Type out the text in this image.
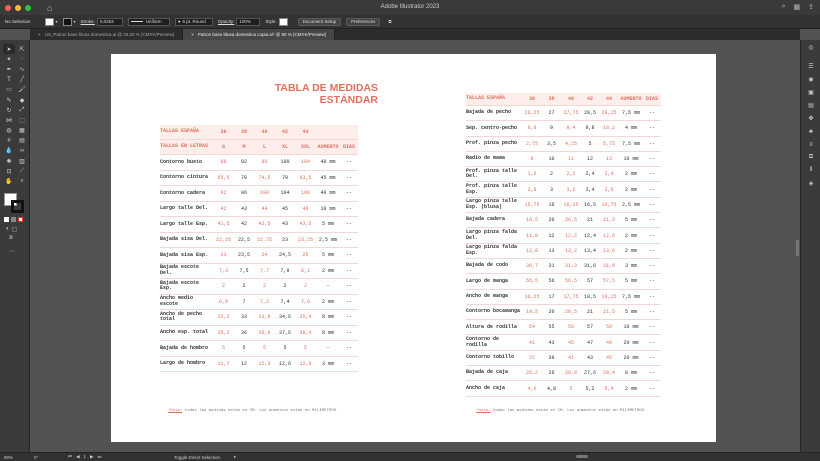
⌂	Adobe Illustrator 2023	⌕ ▦ ⇪
No Selection	▾	▾ Stroke: 0,0353	Uniform	● 5 pt. Round	Opacity: 100%	Style:	Document Setup	Preferences	⧉
× US_Patron base blusa domestica.ai @ 33,33 % (CMYK/Preview)	× Patron base blusa domestica copia.ai* @ 90 % (CMYK/Preview)
➤	⇱
✦	◌
✒	∿
T	╱
▭	🖌
✎	◆
↻	⤢
⋈	⬚
◍	▦
#	▤
💧	∞
✺	▥
⊡	⟋
✋	⌕
◑ ▢
⧈
⋯
◎
☰
◉
▣
▤
✤
♣
≡
⧉
⫴
◈
TABLA DE MEDIDAS
ESTÁNDAR
TALLAS ESPAÑA	36	38	40	42	44
TALLAS EN LETRAS	S	M	L	XL	XXL	AUMENTO DIAS
Contorno busto	88	92	96	100	104	40 mm	--
Contorno cintura	65,5	70	74,5	79	83,5	45 mm	--
Contorno cadera	92	96	100	104	108	40 mm	--
Largo talle Del.	42	43	44	45	46	10 mm	--
Largo talle Esp.	41,5	42	42,5	43	43,5	5 mm	--
Bajada sisa Del.	22,25	22,5	22,75	23	23,25	2,5 mm	--
Bajada sisa Esp.	23	23,5	24	24,5	25	5 mm	--
Bajada escote Del.	7,3	7,5	7,7	7,9	8,1	2 mm	--
Bajada escote Esp.	2	2	2	2	2	-	--
Ancho medio escote	6,8	7	7,2	7,4	7,6	2 mm	--
Ancho de pecho total	32,2	33	33,8	34,6	35,4	8 mm	--
Ancho esp. total	35,2	36	36,8	37,6	38,4	8 mm	--
Bajada de hombro	5	5	5	5	5	-	--
Largo de hombro	11,7	12	12,3	12,6	12,9	3 mm	--
TALLAS ESPAÑA	36	38	40	42	44	AUMENTO DIAS
Bajada de pecho	26,25	27	27,75	28,5	29,25	7,5 mm	--
Sep. centro-pecho	8,6	9	9,4	9,8	10,2	4 mm	--
Prof. pinza pecho	2,75	3,5	4,25	5	5,75	7,5 mm	--
Radio de mama	9	10	11	12	13	10 mm	--
Prof. pinza talle Del.	1,6	2	2,2	2,4	2,4	2 mm	--
Prof. pinza talle Esp.	2,8	3	3,2	3,4	3,6	2 mm	--
Largo pinza talle Esp. (blusa)	15,75	16	16,25	16,5	16,75	2,5 mm	--
Bajada cadera	19,5	20	20,5	21	21,5	5 mm	--
Largo pinza falda Del.	11,8	12	12,2	12,4	12,6	2 mm	--
Largo pinza falda Esp.	12,8	13	13,2	13,4	13,6	2 mm	--
Bajada de codo	30,7	31	31,3	31,6	31,9	3 mm	--
Largo de manga	55,5	56	56,5	57	57,5	5 mm	--
Ancho de manga	16,25	17	17,75	18,5	19,25	7,5 mm	--
Contorno bocamanga	19,5	20	20,5	21	21,5	5 mm	--
Altura de rodilla	54	55	56	57	58	10 mm	--
Contorno de rodilla	41	43	45	47	49	20 mm	--
Contorno tobillo	37	39	41	43	45	20 mm	--
Bajada de caja	25,2	26	26,8	27,6	28,4	8 mm	--
Ancho de caja	4,6	4,8	5	5,2	5,4	2 mm	--
*Nota: todas las medidas están en CM. Los aumentos están en MILÍMETROS.	*Nota: todas las medidas están en CM. Los aumentos están en MILÍMETROS.
90%	0°	⏮ ◀ 1 ▶ ⏭	Toggle Direct Selection	▸
